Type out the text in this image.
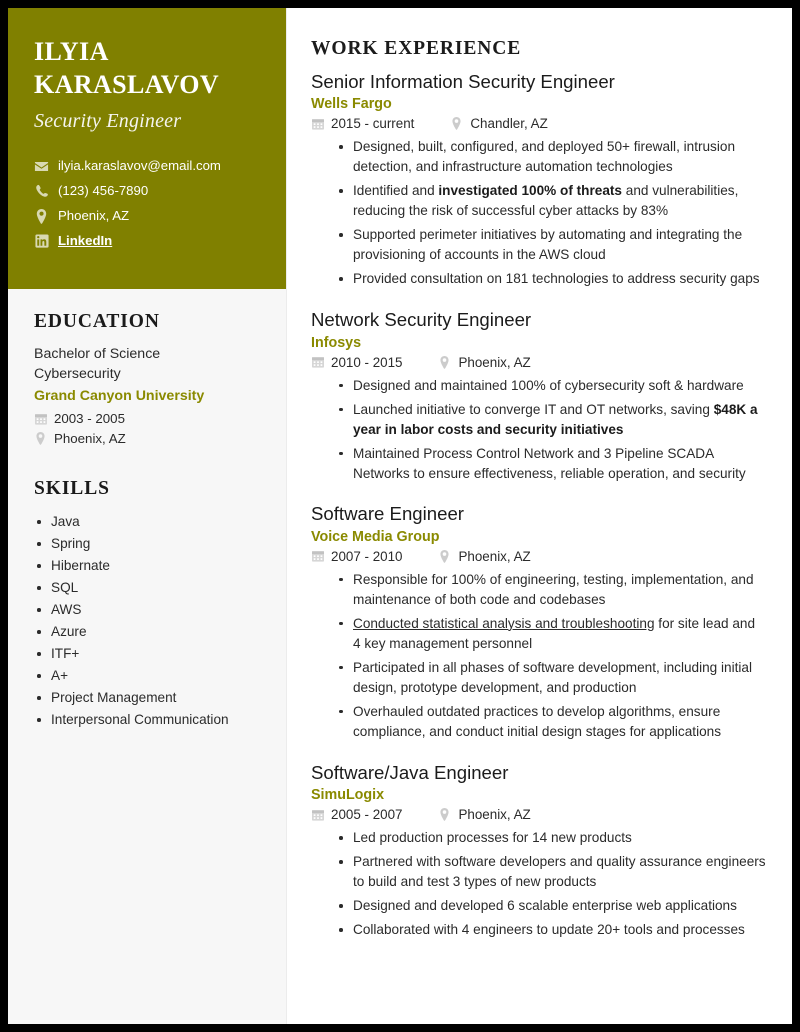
ILYIA
KARASLAVOV
Security Engineer
ilyia.karaslavov@email.com
(123) 456-7890
Phoenix, AZ
LinkedIn
EDUCATION
Bachelor of Science
Cybersecurity
Grand Canyon University
2003 - 2005
Phoenix, AZ
SKILLS
Java
Spring
Hibernate
SQL
AWS
Azure
ITF+
A+
Project Management
Interpersonal Communication
WORK EXPERIENCE
Senior Information Security Engineer
Wells Fargo
2015 - current	Chandler, AZ
Designed, built, configured, and deployed 50+ firewall, intrusion detection, and infrastructure automation technologies
Identified and investigated 100% of threats and vulnerabilities, reducing the risk of successful cyber attacks by 83%
Supported perimeter initiatives by automating and integrating the provisioning of accounts in the AWS cloud
Provided consultation on 181 technologies to address security gaps
Network Security Engineer
Infosys
2010 - 2015	Phoenix, AZ
Designed and maintained 100% of cybersecurity soft & hardware
Launched initiative to converge IT and OT networks, saving $48K a year in labor costs and security initiatives
Maintained Process Control Network and 3 Pipeline SCADA Networks to ensure effectiveness, reliable operation, and security
Software Engineer
Voice Media Group
2007 - 2010	Phoenix, AZ
Responsible for 100% of engineering, testing, implementation, and maintenance of both code and codebases
Conducted statistical analysis and troubleshooting for site lead and 4 key management personnel
Participated in all phases of software development, including initial design, prototype development, and production
Overhauled outdated practices to develop algorithms, ensure compliance, and conduct initial design stages for applications
Software/Java Engineer
SimuLogix
2005 - 2007	Phoenix, AZ
Led production processes for 14 new products
Partnered with software developers and quality assurance engineers to build and test 3 types of new products
Designed and developed 6 scalable enterprise web applications
Collaborated with 4 engineers to update 20+ tools and processes
